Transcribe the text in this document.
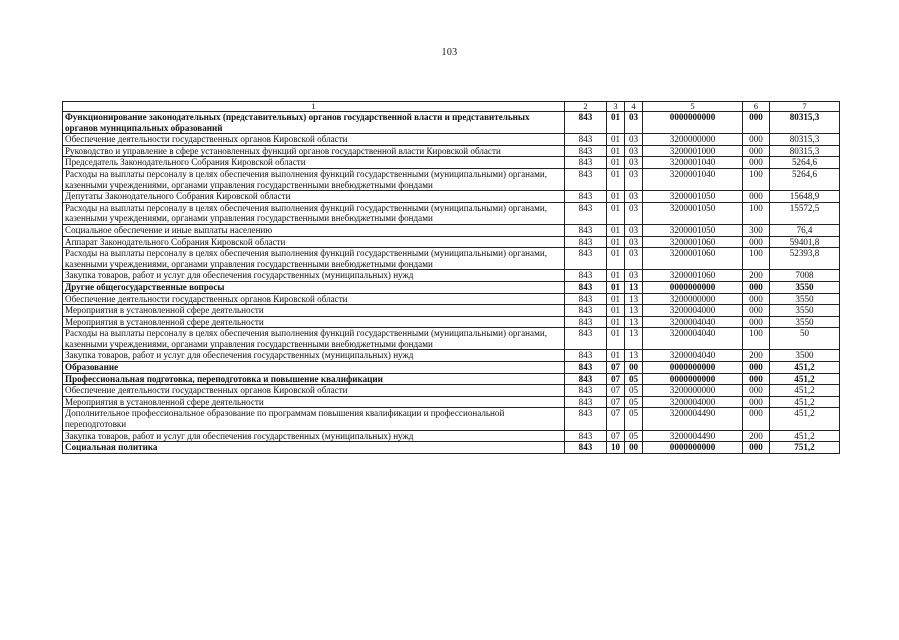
103
1	2	3	4	5	6	7
Функционирование законодательных (представительных) органов государственной власти и представительных органов муниципальных образований	843	01	03	0000000000	000	80315,3
Обеспечение деятельности государственных органов Кировской области	843	01	03	3200000000	000	80315,3
Руководство и управление в сфере установленных функций органов государственной власти Кировской области	843	01	03	3200001000	000	80315,3
Председатель Законодательного Собрания Кировской области	843	01	03	3200001040	000	5264,6
Расходы на выплаты персоналу в целях обеспечения выполнения функций государственными (муниципальными) органами, казенными учреждениями, органами управления государственными внебюджетными фондами	843	01	03	3200001040	100	5264,6
Депутаты Законодательного Собрания Кировской области	843	01	03	3200001050	000	15648,9
Расходы на выплаты персоналу в целях обеспечения выполнения функций государственными (муниципальными) органами, казенными учреждениями, органами управления государственными внебюджетными фондами	843	01	03	3200001050	100	15572,5
Социальное обеспечение и иные выплаты населению	843	01	03	3200001050	300	76,4
Аппарат Законодательного Собрания Кировской области	843	01	03	3200001060	000	59401,8
Расходы на выплаты персоналу в целях обеспечения выполнения функций государственными (муниципальными) органами, казенными учреждениями, органами управления государственными внебюджетными фондами	843	01	03	3200001060	100	52393,8
Закупка товаров, работ и услуг для обеспечения государственных (муниципальных) нужд	843	01	03	3200001060	200	7008
Другие общегосударственные вопросы	843	01	13	0000000000	000	3550
Обеспечение деятельности государственных органов Кировской области	843	01	13	3200000000	000	3550
Мероприятия в установленной сфере деятельности	843	01	13	3200004000	000	3550
Мероприятия в установленной сфере деятельности	843	01	13	3200004040	000	3550
Расходы на выплаты персоналу в целях обеспечения выполнения функций государственными (муниципальными) органами, казенными учреждениями, органами управления государственными внебюджетными фондами	843	01	13	3200004040	100	50
Закупка товаров, работ и услуг для обеспечения государственных (муниципальных) нужд	843	01	13	3200004040	200	3500
Образование	843	07	00	0000000000	000	451,2
Профессиональная подготовка, переподготовка и повышение квалификации	843	07	05	0000000000	000	451,2
Обеспечение деятельности государственных органов Кировской области	843	07	05	3200000000	000	451,2
Мероприятия в установленной сфере деятельности	843	07	05	3200004000	000	451,2
Дополнительное профессиональное образование по программам повышения квалификации и профессиональной переподготовки	843	07	05	3200004490	000	451,2
Закупка товаров, работ и услуг для обеспечения государственных (муниципальных) нужд	843	07	05	3200004490	200	451,2
Социальная политика	843	10	00	0000000000	000	751,2
